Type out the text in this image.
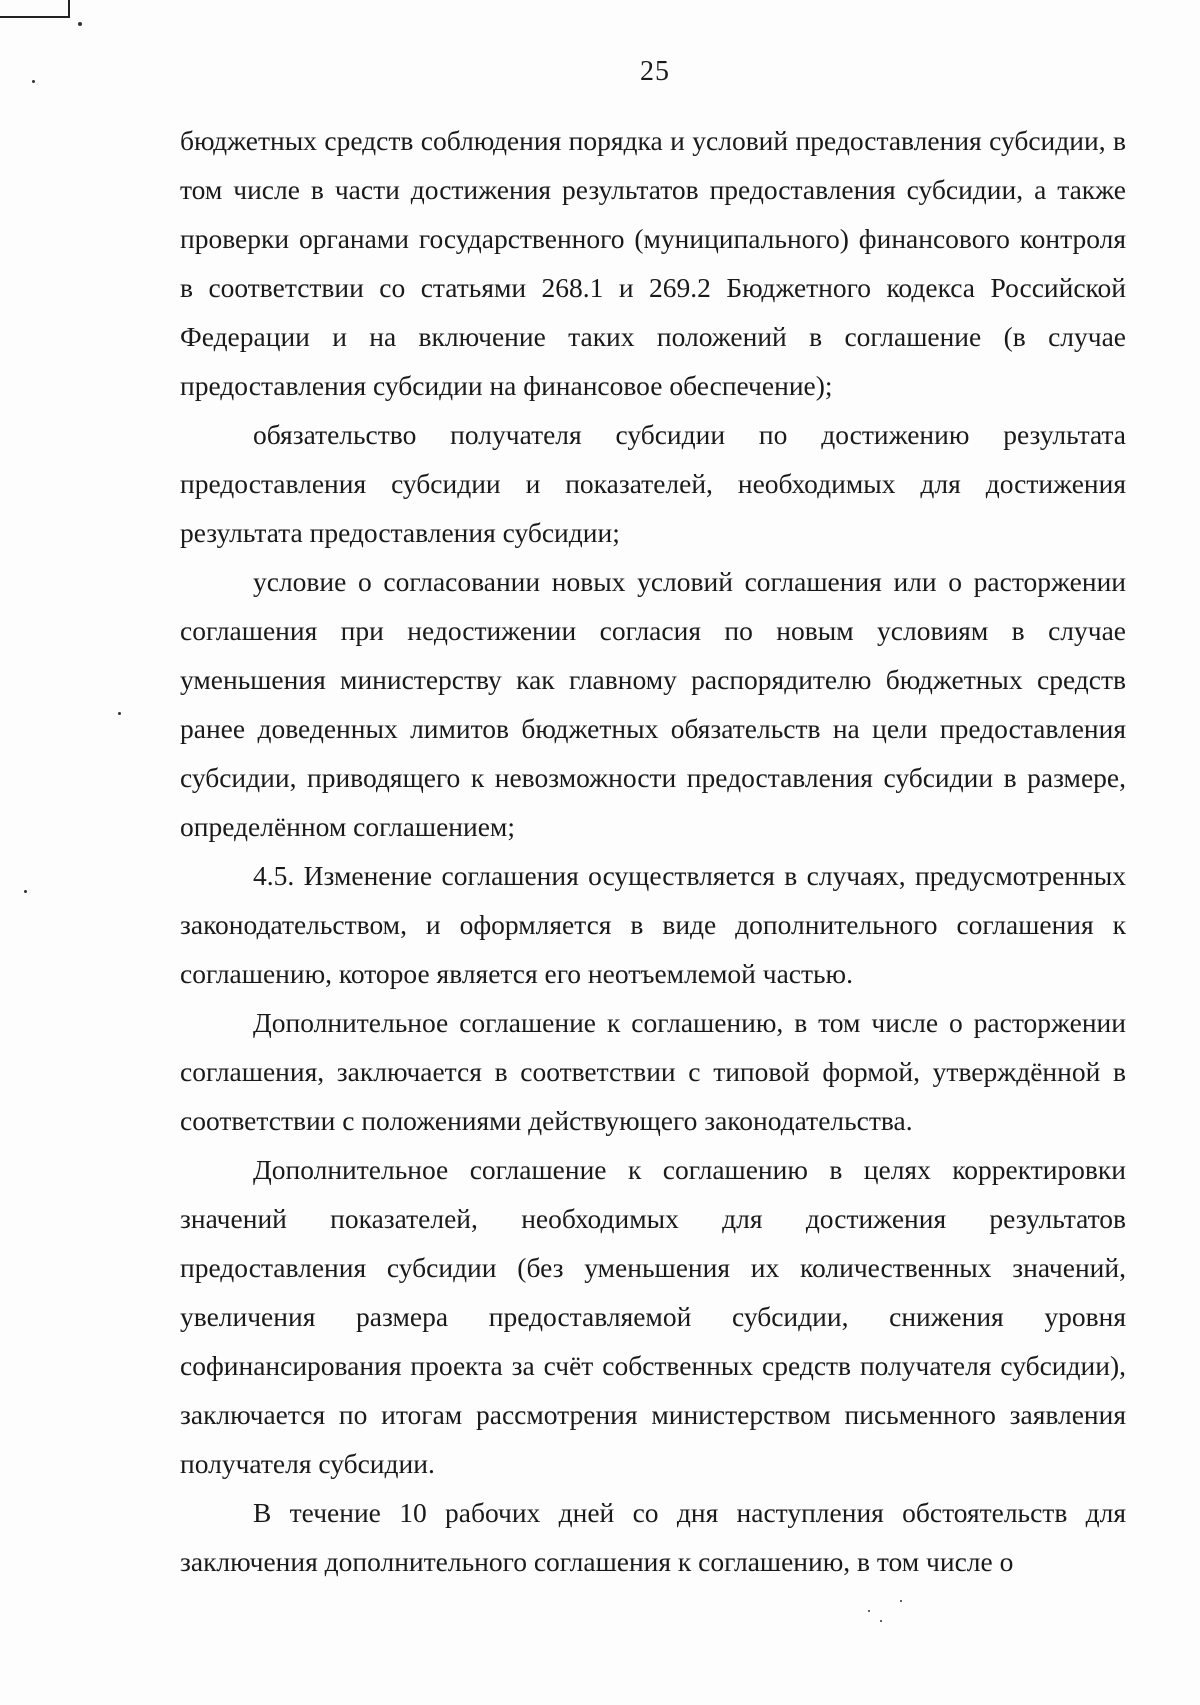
25

бюджетных средств соблюдения порядка и условий предоставления субсидии, в том числе в части достижения результатов предоставления субсидии, а также проверки органами государственного (муниципального) финансового контроля в соответствии со статьями 268.1 и 269.2 Бюджетного кодекса Российской Федерации и на включение таких положений в соглашение (в случае предоставления субсидии на финансовое обеспечение);

обязательство получателя субсидии по достижению результата предоставления субсидии и показателей, необходимых для достижения результата предоставления субсидии;

условие о согласовании новых условий соглашения или о расторжении соглашения при недостижении согласия по новым условиям в случае уменьшения министерству как главному распорядителю бюджетных средств ранее доведенных лимитов бюджетных обязательств на цели предоставления субсидии, приводящего к невозможности предоставления субсидии в размере, определённом соглашением;

4.5. Изменение соглашения осуществляется в случаях, предусмотренных законодательством, и оформляется в виде дополнительного соглашения к соглашению, которое является его неотъемлемой частью.

Дополнительное соглашение к соглашению, в том числе о расторжении соглашения, заключается в соответствии с типовой формой, утверждённой в соответствии с положениями действующего законодательства.

Дополнительное соглашение к соглашению в целях корректировки значений показателей, необходимых для достижения результатов предоставления субсидии (без уменьшения их количественных значений, увеличения размера предоставляемой субсидии, снижения уровня софинансирования проекта за счёт собственных средств получателя субсидии), заключается по итогам рассмотрения министерством письменного заявления получателя субсидии.

В течение 10 рабочих дней со дня наступления обстоятельств для заключения дополнительного соглашения к соглашению, в том числе о
